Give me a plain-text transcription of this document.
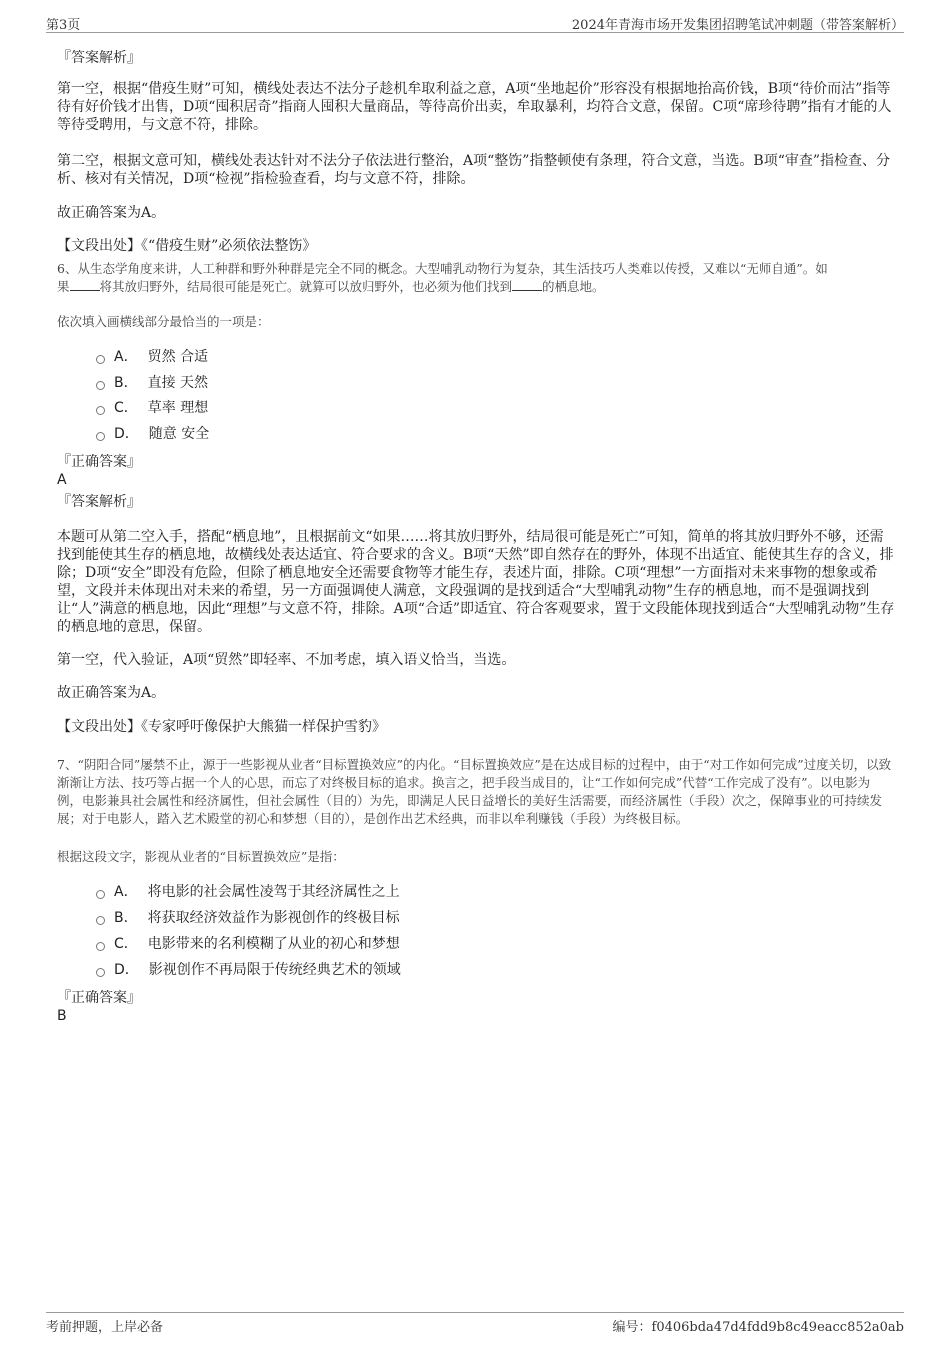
第3页	2024年青海市场开发集团招聘笔试冲刺题（带答案解析）

『答案解析』

第一空，根据“借疫生财”可知，横线处表达不法分子趁机牟取利益之意，A项“坐地起价”形容没有根据地抬高价钱，B项“待价而沽”指等待有好价钱才出售，D项“囤积居奇”指商人囤积大量商品，等待高价出卖，牟取暴利，均符合文意，保留。C项“席珍待聘”指有才能的人等待受聘用，与文意不符，排除。

第二空，根据文意可知，横线处表达针对不法分子依法进行整治，A项“整饬”指整顿使有条理，符合文意，当选。B项“审查”指检查、分析、核对有关情况，D项“检视”指检验查看，均与文意不符，排除。

故正确答案为A。

【文段出处】《“借疫生财”必须依法整饬》

6、从生态学角度来讲，人工种群和野外种群是完全不同的概念。大型哺乳动物行为复杂，其生活技巧人类难以传授，又难以“无师自通”。如
果 将其放归野外，结局很可能是死亡。就算可以放归野外，也必须为他们找到 的栖息地。

依次填入画横线部分最恰当的一项是：

A． 贸然 合适
B． 直接 天然
C． 草率 理想
D． 随意 安全

『正确答案』

A

『答案解析』

本题可从第二空入手，搭配“栖息地”，且根据前文“如果……将其放归野外，结局很可能是死亡”可知，简单的将其放归野外不够，还需找到能使其生存的栖息地，故横线处表达适宜、符合要求的含义。B项“天然”即自然存在的野外，体现不出适宜、能使其生存的含义，排除；D项“安全”即没有危险，但除了栖息地安全还需要食物等才能生存，表述片面，排除。C项“理想”一方面指对未来事物的想象或希望，文段并未体现出对未来的希望，另一方面强调使人满意，文段强调的是找到适合“大型哺乳动物”生存的栖息地，而不是强调找到让“人”满意的栖息地，因此“理想”与文意不符，排除。A项“合适”即适宜、符合客观要求，置于文段能体现找到适合“大型哺乳动物”生存的栖息地的意思，保留。

第一空，代入验证，A项“贸然”即轻率、不加考虑，填入语义恰当，当选。

故正确答案为A。

【文段出处】《专家呼吁像保护大熊猫一样保护雪豹》

7、“阴阳合同”屡禁不止，源于一些影视从业者“目标置换效应”的内化。“目标置换效应”是在达成目标的过程中，由于“对工作如何完成”过度关切，以致渐渐让方法、技巧等占据一个人的心思，而忘了对终极目标的追求。换言之，把手段当成目的，让“工作如何完成”代替“工作完成了没有”。以电影为例，电影兼具社会属性和经济属性，但社会属性（目的）为先，即满足人民日益增长的美好生活需要，而经济属性（手段）次之，保障事业的可持续发展；对于电影人，踏入艺术殿堂的初心和梦想（目的），是创作出艺术经典，而非以牟利赚钱（手段）为终极目标。

根据这段文字，影视从业者的“目标置换效应”是指：

A． 将电影的社会属性凌驾于其经济属性之上
B． 将获取经济效益作为影视创作的终极目标
C． 电影带来的名利模糊了从业的初心和梦想
D． 影视创作不再局限于传统经典艺术的领域

『正确答案』

B

考前押题，上岸必备	编号：f0406bda47d4fdd9b8c49eacc852a0ab
